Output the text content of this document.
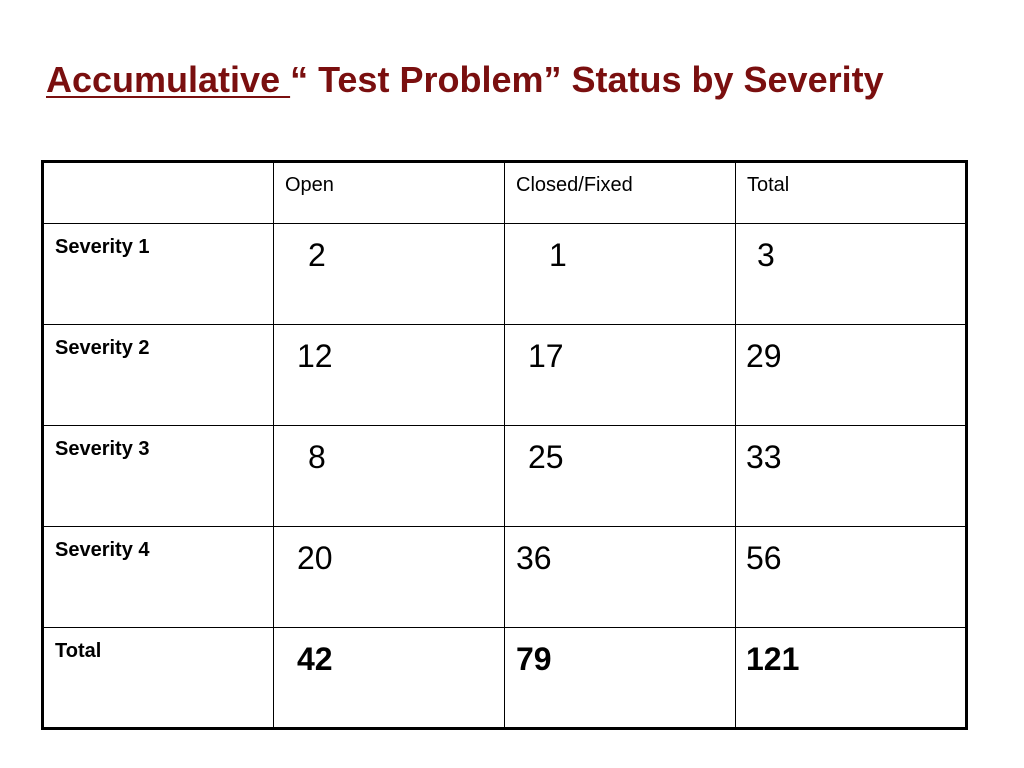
Accumulative “ Test Problem” Status by Severity

	Open	Closed/Fixed	Total

Severity 1	2	1	3

Severity 2	12	17	29

Severity 3	8	25	33

Severity 4	20	36	56

Total	42	79	121
